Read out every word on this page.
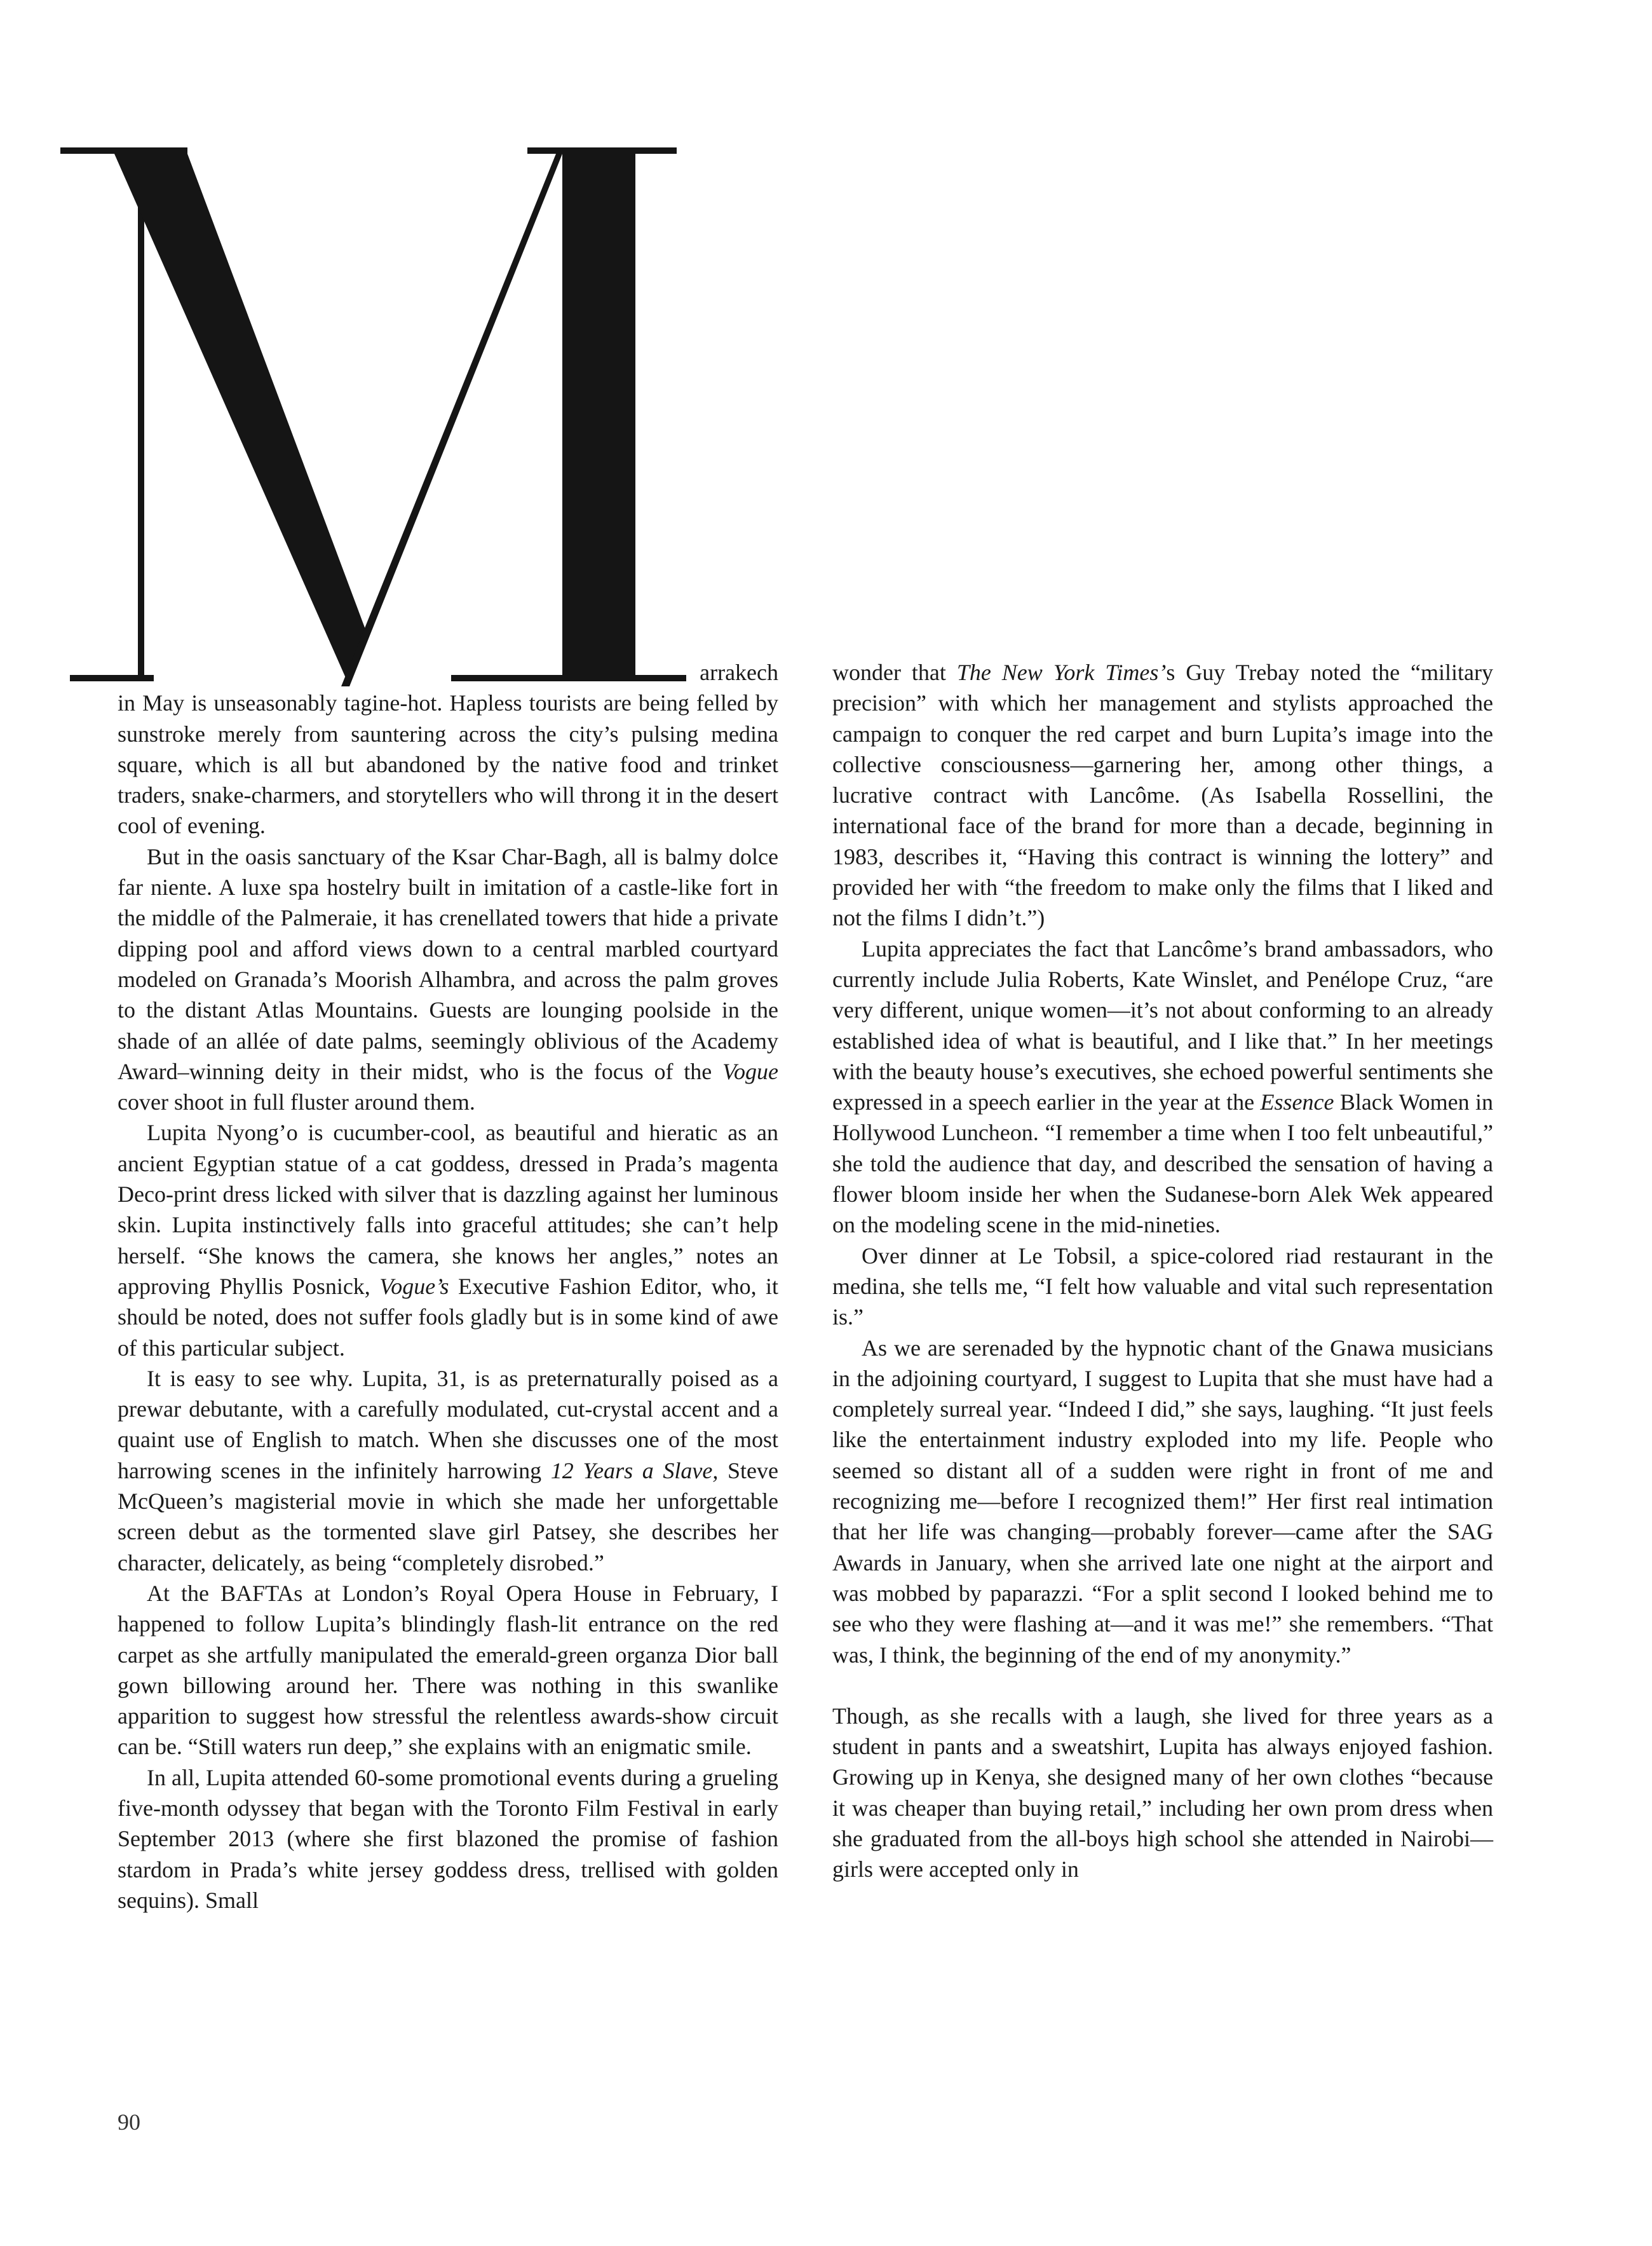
arrakech

in May is unseasonably tagine-hot. Hapless tourists are being felled by sunstroke merely from sauntering across the city’s pulsing medina square, which is all but abandoned by the native food and trinket traders, snake-charmers, and storytellers who will throng it in the desert cool of evening.

But in the oasis sanctuary of the Ksar Char-Bagh, all is balmy dolce far niente. A luxe spa hostelry built in imitation of a castle-like fort in the middle of the Palmeraie, it has crenellated towers that hide a private dipping pool and afford views down to a central marbled courtyard modeled on Granada’s Moorish Alhambra, and across the palm groves to the distant Atlas Mountains. Guests are lounging poolside in the shade of an allée of date palms, seemingly oblivious of the Academy Award–winning deity in their midst, who is the focus of the Vogue cover shoot in full fluster around them.

Lupita Nyong’o is cucumber-cool, as beautiful and hieratic as an ancient Egyptian statue of a cat goddess, dressed in Prada’s magenta Deco-print dress licked with silver that is dazzling against her luminous skin. Lupita instinctively falls into graceful attitudes; she can’t help herself. “She knows the camera, she knows her angles,” notes an approving Phyllis Posnick, Vogue’s Executive Fashion Editor, who, it should be noted, does not suffer fools gladly but is in some kind of awe of this particular subject.

It is easy to see why. Lupita, 31, is as preternaturally poised as a prewar debutante, with a carefully modulated, cut-crystal accent and a quaint use of English to match. When she discusses one of the most harrowing scenes in the infinitely harrowing 12 Years a Slave, Steve McQueen’s magisterial movie in which she made her unforgettable screen debut as the tormented slave girl Patsey, she describes her character, delicately, as being “completely disrobed.”

At the BAFTAs at London’s Royal Opera House in February, I happened to follow Lupita’s blindingly flash-lit entrance on the red carpet as she artfully manipulated the emerald-green organza Dior ball gown billowing around her. There was nothing in this swanlike apparition to suggest how stressful the relentless awards-show circuit can be. “Still waters run deep,” she explains with an enigmatic smile.

In all, Lupita attended 60-some promotional events during a grueling five-month odyssey that began with the Toronto Film Festival in early September 2013 (where she first blazoned the promise of fashion stardom in Prada’s white jersey goddess dress, trellised with golden sequins). Small

wonder that The New York Times’s Guy Trebay noted the “military precision” with which her management and stylists approached the campaign to conquer the red carpet and burn Lupita’s image into the collective consciousness—garnering her, among other things, a lucrative contract with Lancôme. (As Isabella Rossellini, the international face of the brand for more than a decade, beginning in 1983, describes it, “Having this contract is winning the lottery” and provided her with “the freedom to make only the films that I liked and not the films I didn’t.”)

Lupita appreciates the fact that Lancôme’s brand ambassadors, who currently include Julia Roberts, Kate Winslet, and Penélope Cruz, “are very different, unique women—it’s not about conforming to an already established idea of what is beautiful, and I like that.” In her meetings with the beauty house’s executives, she echoed powerful sentiments she expressed in a speech earlier in the year at the Essence Black Women in Hollywood Luncheon. “I remember a time when I too felt unbeautiful,” she told the audience that day, and described the sensation of having a flower bloom inside her when the Sudanese-born Alek Wek appeared on the modeling scene in the mid-nineties.

Over dinner at Le Tobsil, a spice-colored riad restaurant in the medina, she tells me, “I felt how valuable and vital such representation is.”

As we are serenaded by the hypnotic chant of the Gnawa musicians in the adjoining courtyard, I suggest to Lupita that she must have had a completely surreal year. “Indeed I did,” she says, laughing. “It just feels like the entertainment industry exploded into my life. People who seemed so distant all of a sudden were right in front of me and recognizing me—before I recognized them!” Her first real intimation that her life was changing—probably forever—came after the SAG Awards in January, when she arrived late one night at the airport and was mobbed by paparazzi. “For a split second I looked behind me to see who they were flashing at—and it was me!” she remembers. “That was, I think, the beginning of the end of my anonymity.”

Though, as she recalls with a laugh, she lived for three years as a student in pants and a sweatshirt, Lupita has always enjoyed fashion. Growing up in Kenya, she designed many of her own clothes “because it was cheaper than buying retail,” including her own prom dress when she graduated from the all-boys high school she attended in Nairobi—girls were accepted only in

90
